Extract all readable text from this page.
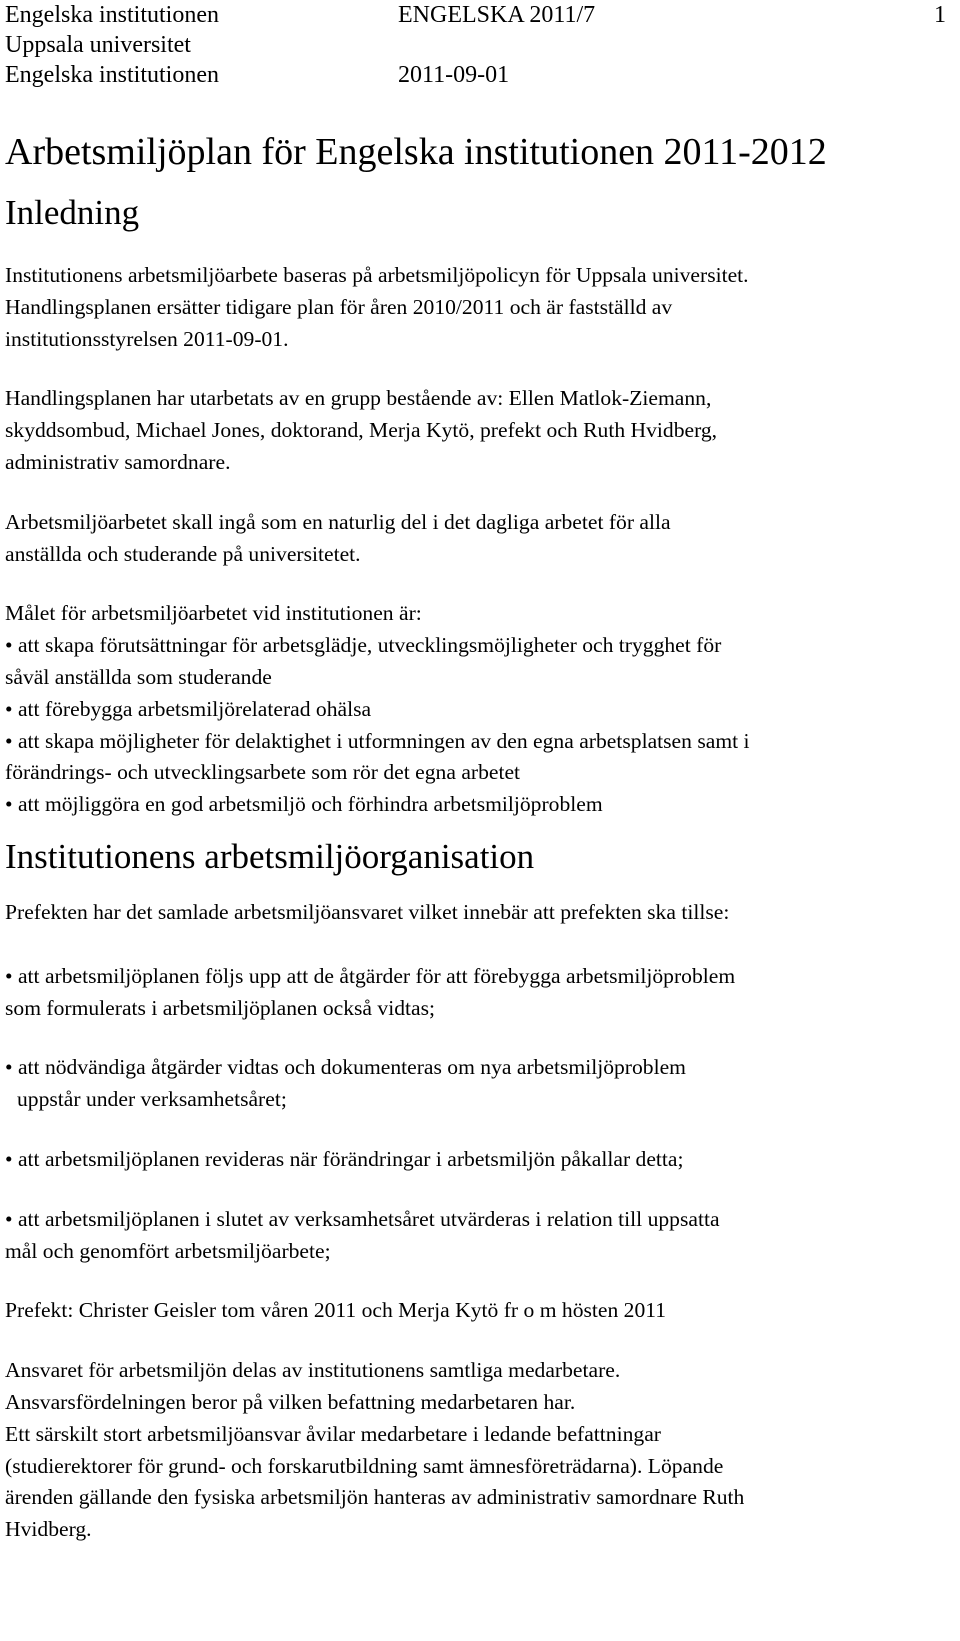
Engelska institutionen
Uppsala universitet
Engelska institutionen
ENGELSKA 2011/7
2011-09-01
1
Arbetsmiljöplan för Engelska institutionen 2011-2012
Inledning

Institutionens arbetsmiljöarbete baseras på arbetsmiljöpolicyn för Uppsala universitet.

Handlingsplanen ersätter tidigare plan för åren 2010/2011 och är fastställd av

institutionsstyrelsen 2011-09-01.

Handlingsplanen har utarbetats av en grupp bestående av: Ellen Matlok-Ziemann,

skyddsombud, Michael Jones, doktorand, Merja Kytö, prefekt och Ruth Hvidberg,

administrativ samordnare.

Arbetsmiljöarbetet skall ingå som en naturlig del i det dagliga arbetet för alla

anställda och studerande på universitetet.

Målet för arbetsmiljöarbetet vid institutionen är:

• att skapa förutsättningar för arbetsglädje, utvecklingsmöjligheter och trygghet för

såväl anställda som studerande

• att förebygga arbetsmiljörelaterad ohälsa

• att skapa möjligheter för delaktighet i utformningen av den egna arbetsplatsen samt i

förändrings- och utvecklingsarbete som rör det egna arbetet

• att möjliggöra en god arbetsmiljö och förhindra arbetsmiljöproblem

Institutionens arbetsmiljöorganisation

Prefekten har det samlade arbetsmiljöansvaret vilket innebär att prefekten ska tillse:

• att arbetsmiljöplanen följs upp att de åtgärder för att förebygga arbetsmiljöproblem

som formulerats i arbetsmiljöplanen också vidtas;

• att nödvändiga åtgärder vidtas och dokumenteras om nya arbetsmiljöproblem

uppstår under verksamhetsåret;

• att arbetsmiljöplanen revideras när förändringar i arbetsmiljön påkallar detta;

• att arbetsmiljöplanen i slutet av verksamhetsåret utvärderas i relation till uppsatta

mål och genomfört arbetsmiljöarbete;

Prefekt: Christer Geisler tom våren 2011 och Merja Kytö fr o m hösten 2011

Ansvaret för arbetsmiljön delas av institutionens samtliga medarbetare.

Ansvarsfördelningen beror på vilken befattning medarbetaren har.

Ett särskilt stort arbetsmiljöansvar åvilar medarbetare i ledande befattningar

(studierektorer för grund- och forskarutbildning samt ämnesföreträdarna). Löpande

ärenden gällande den fysiska arbetsmiljön hanteras av administrativ samordnare Ruth

Hvidberg.
